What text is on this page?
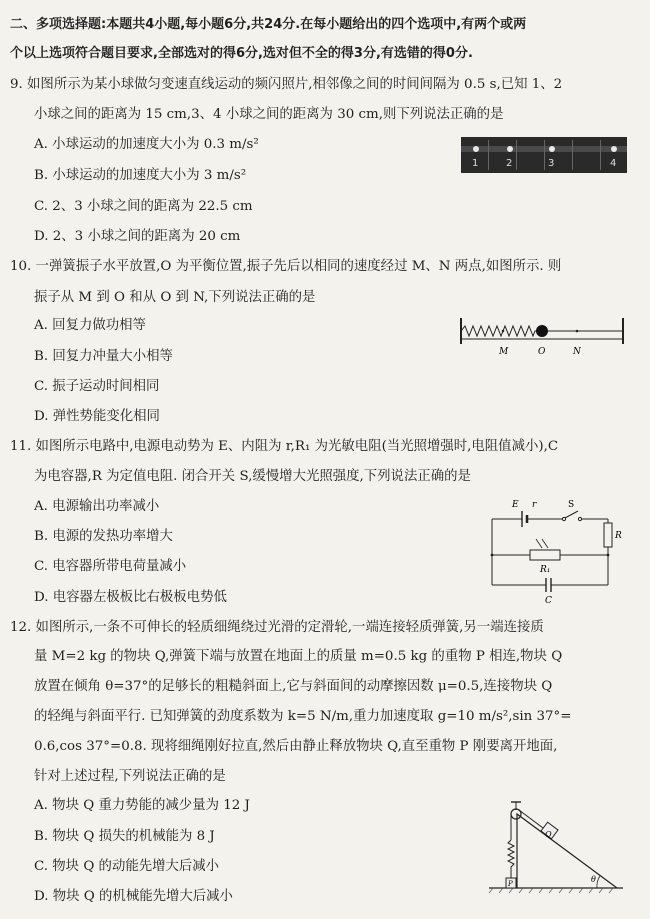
二、多项选择题:本题共4小题,每小题6分,共24分.在每小题给出的四个选项中,有两个或两
个以上选项符合题目要求,全部选对的得6分,选对但不全的得3分,有选错的得0分.
9. 如图所示为某小球做匀变速直线运动的频闪照片,相邻像之间的时间间隔为 0.5 s,已知 1、2
小球之间的距离为 15 cm,3、4 小球之间的距离为 30 cm,则下列说法正确的是
A. 小球运动的加速度大小为 0.3 m/s²
B. 小球运动的加速度大小为 3 m/s²
C. 2、3 小球之间的距离为 22.5 cm
D. 2、3 小球之间的距离为 20 cm
1	2	3	4
10. 一弹簧振子水平放置,O 为平衡位置,振子先后以相同的速度经过 M、N 两点,如图所示. 则
振子从 M 到 O 和从 O 到 N,下列说法正确的是
A. 回复力做功相等
B. 回复力冲量大小相等
C. 振子运动时间相同
D. 弹性势能变化相同
M	O	N
11. 如图所示电路中,电源电动势为 E、内阻为 r,R₁ 为光敏电阻(当光照增强时,电阻值减小),C
为电容器,R 为定值电阻. 闭合开关 S,缓慢增大光照强度,下列说法正确的是
A. 电源输出功率减小
B. 电源的发热功率增大
C. 电容器所带电荷量减小
D. 电容器左极板比右极板电势低
E r	S
R
R₁
C
12. 如图所示,一条不可伸长的轻质细绳绕过光滑的定滑轮,一端连接轻质弹簧,另一端连接质
量 M=2 kg 的物块 Q,弹簧下端与放置在地面上的质量 m=0.5 kg 的重物 P 相连,物块 Q
放置在倾角 θ=37°的足够长的粗糙斜面上,它与斜面间的动摩擦因数 μ=0.5,连接物块 Q
的轻绳与斜面平行. 已知弹簧的劲度系数为 k=5 N/m,重力加速度取 g=10 m/s²,sin 37°=
0.6,cos 37°=0.8. 现将细绳刚好拉直,然后由静止释放物块 Q,直至重物 P 刚要离开地面,
针对上述过程,下列说法正确的是
A. 物块 Q 重力势能的减少量为 12 J
B. 物块 Q 损失的机械能为 8 J
C. 物块 Q 的动能先增大后减小
D. 物块 Q 的机械能先增大后减小
Q
P	θ
